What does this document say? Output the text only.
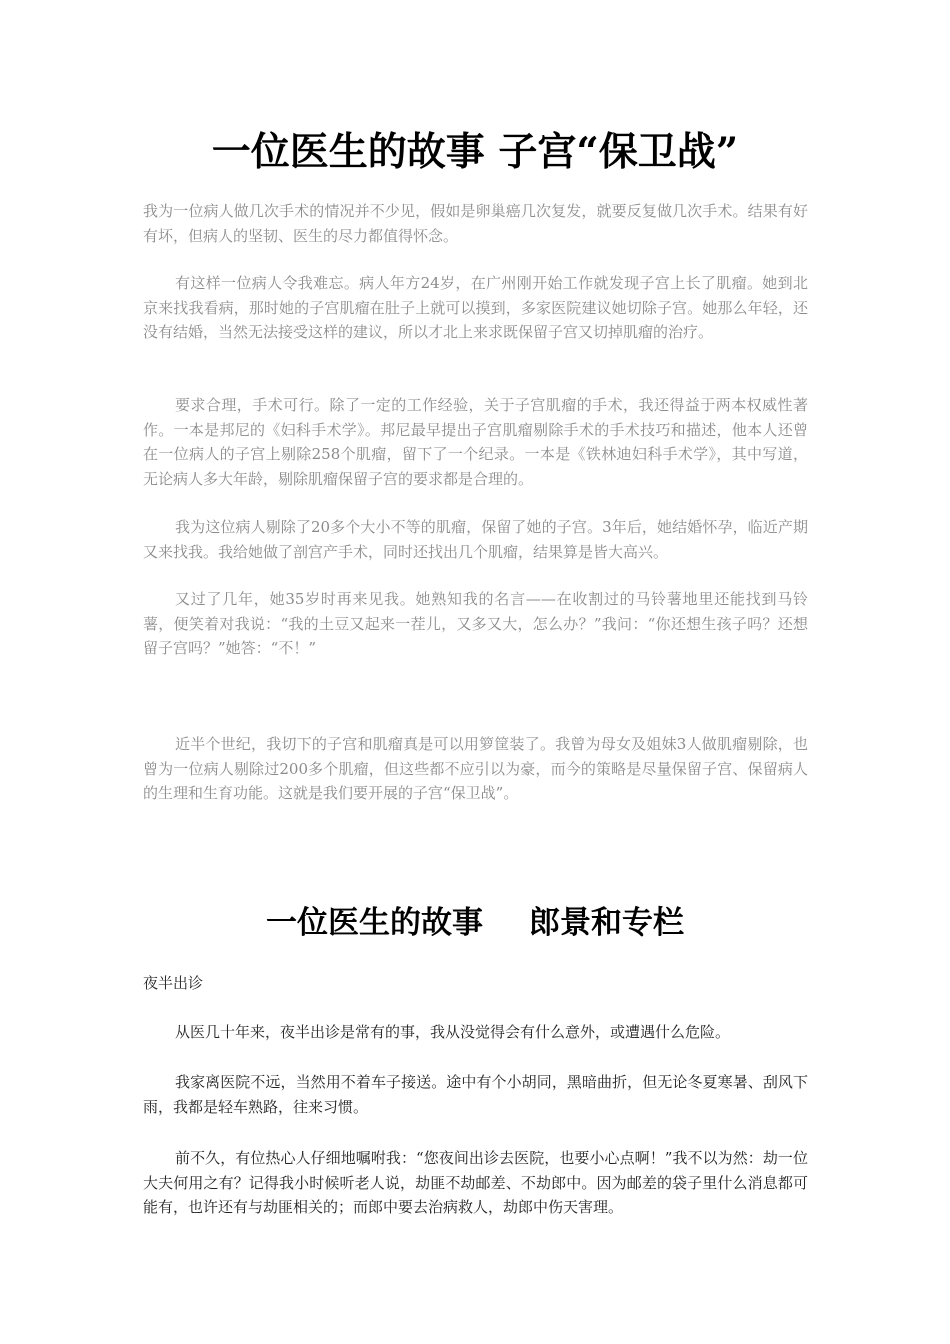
一位医生的故事 子宫“保卫战”

我为一位病人做几次手术的情况并不少见，假如是卵巢癌几次复发，就要反复做几次手术。结果有好有坏，但病人的坚韧、医生的尽力都值得怀念。

有这样一位病人令我难忘。病人年方24岁，在广州刚开始工作就发现子宫上长了肌瘤。她到北京来找我看病，那时她的子宫肌瘤在肚子上就可以摸到，多家医院建议她切除子宫。她那么年轻，还没有结婚，当然无法接受这样的建议，所以才北上来求既保留子宫又切掉肌瘤的治疗。

要求合理，手术可行。除了一定的工作经验，关于子宫肌瘤的手术，我还得益于两本权威性著作。一本是邦尼的《妇科手术学》。邦尼最早提出子宫肌瘤剔除手术的手术技巧和描述，他本人还曾在一位病人的子宫上剔除258个肌瘤，留下了一个纪录。一本是《铁林迪妇科手术学》，其中写道，无论病人多大年龄，剔除肌瘤保留子宫的要求都是合理的。

我为这位病人剔除了20多个大小不等的肌瘤，保留了她的子宫。3年后，她结婚怀孕，临近产期又来找我。我给她做了剖宫产手术，同时还找出几个肌瘤，结果算是皆大高兴。

又过了几年，她35岁时再来见我。她熟知我的名言——在收割过的马铃薯地里还能找到马铃薯，便笑着对我说：“我的土豆又起来一茬儿，又多又大，怎么办？”我问：“你还想生孩子吗？还想留子宫吗？”她答：“不！”

近半个世纪，我切下的子宫和肌瘤真是可以用箩筐装了。我曾为母女及姐妹3人做肌瘤剔除，也曾为一位病人剔除过200多个肌瘤，但这些都不应引以为豪，而今的策略是尽量保留子宫、保留病人的生理和生育功能。这就是我们要开展的子宫“保卫战”。

一位医生的故事 郎景和专栏

夜半出诊

从医几十年来，夜半出诊是常有的事，我从没觉得会有什么意外，或遭遇什么危险。

我家离医院不远，当然用不着车子接送。途中有个小胡同，黑暗曲折，但无论冬夏寒暑、刮风下雨，我都是轻车熟路，往来习惯。

前不久，有位热心人仔细地嘱咐我：“您夜间出诊去医院，也要小心点啊！”我不以为然：劫一位大夫何用之有？记得我小时候听老人说，劫匪不劫邮差、不劫郎中。因为邮差的袋子里什么消息都可能有，也许还有与劫匪相关的；而郎中要去治病救人，劫郎中伤天害理。
